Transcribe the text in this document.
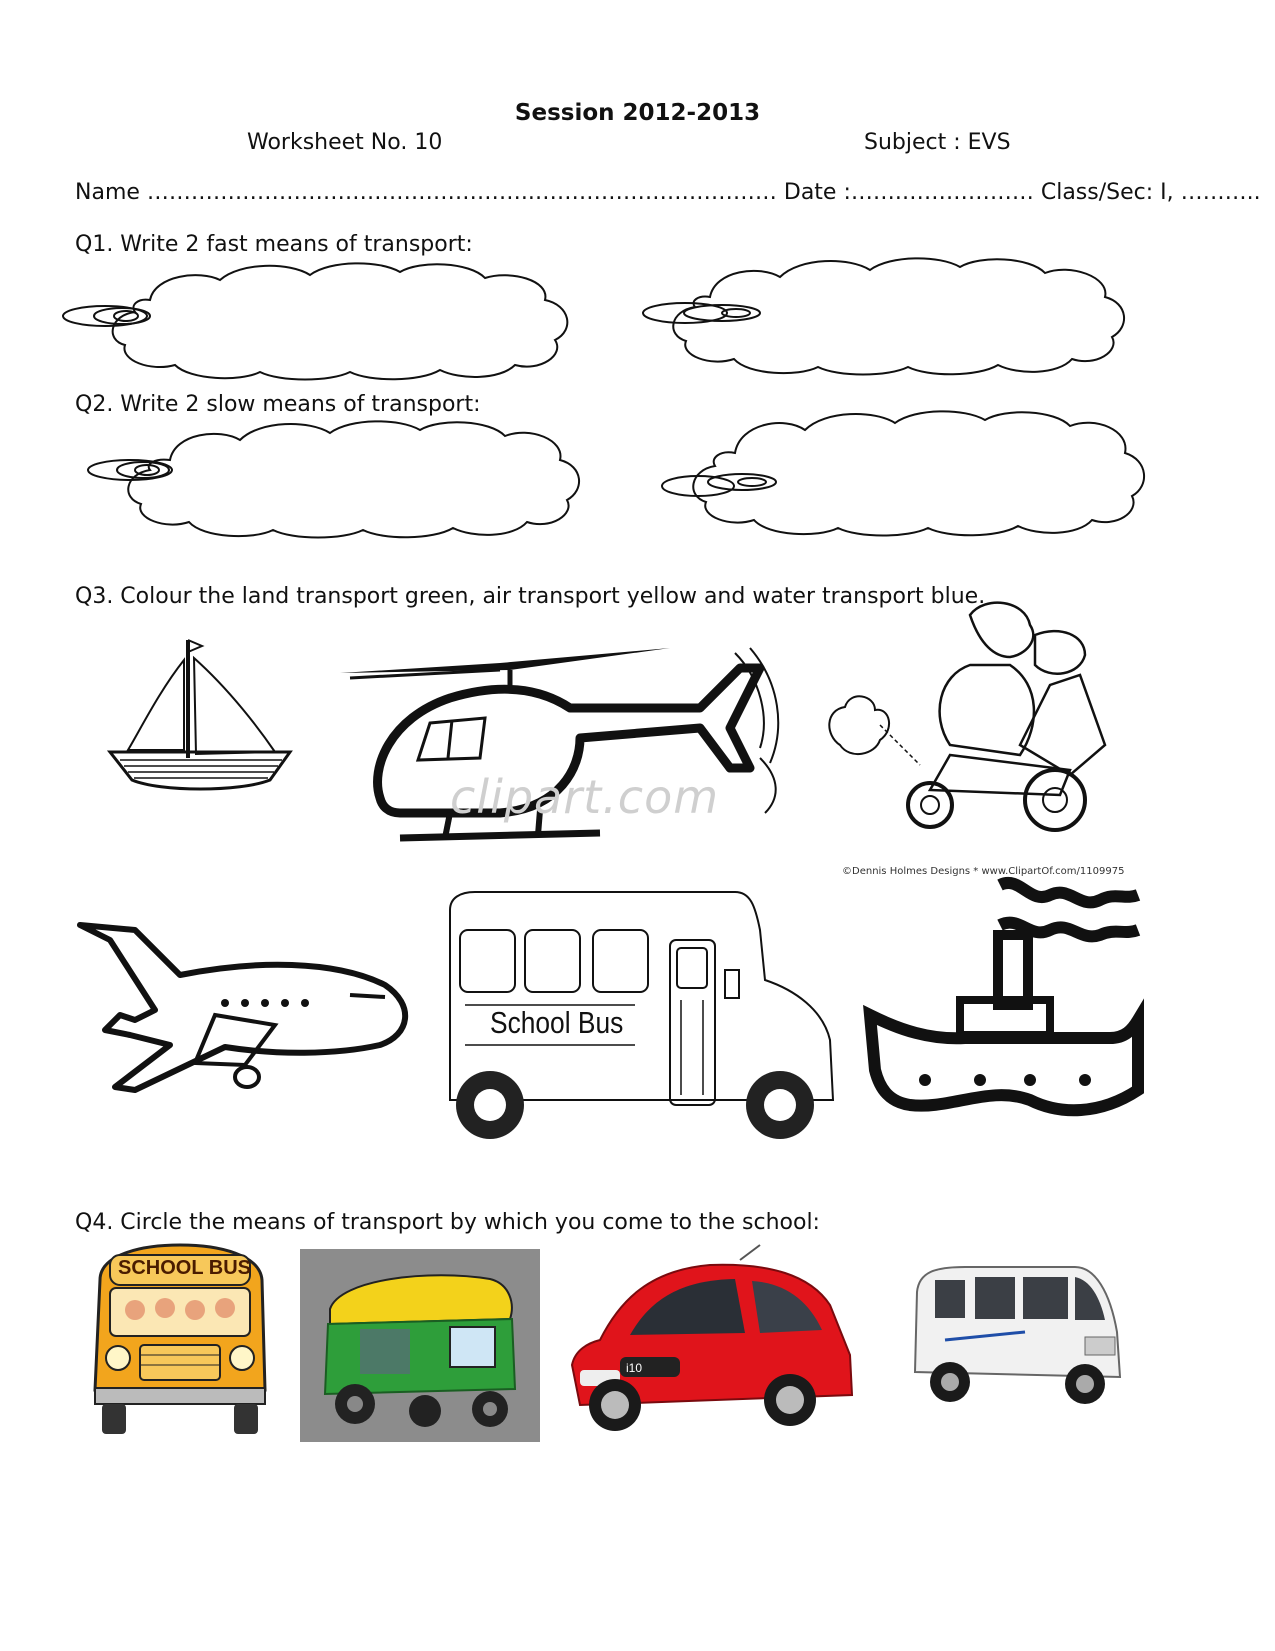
Session 2012-2013
Worksheet No. 10	Subject : EVS
Name ……………………………………………..…………………………… Date :…….……………… Class/Sec: I, ………..
Q1. Write 2 fast means of transport:
Q2. Write 2 slow means of transport:
Q3. Colour the land transport green, air transport yellow and water transport blue.
clipart.com
©Dennis Holmes Designs * www.ClipartOf.com/1109975
School Bus
Q4. Circle the means of transport by which you come to the school:
SCHOOL BUS
i10
